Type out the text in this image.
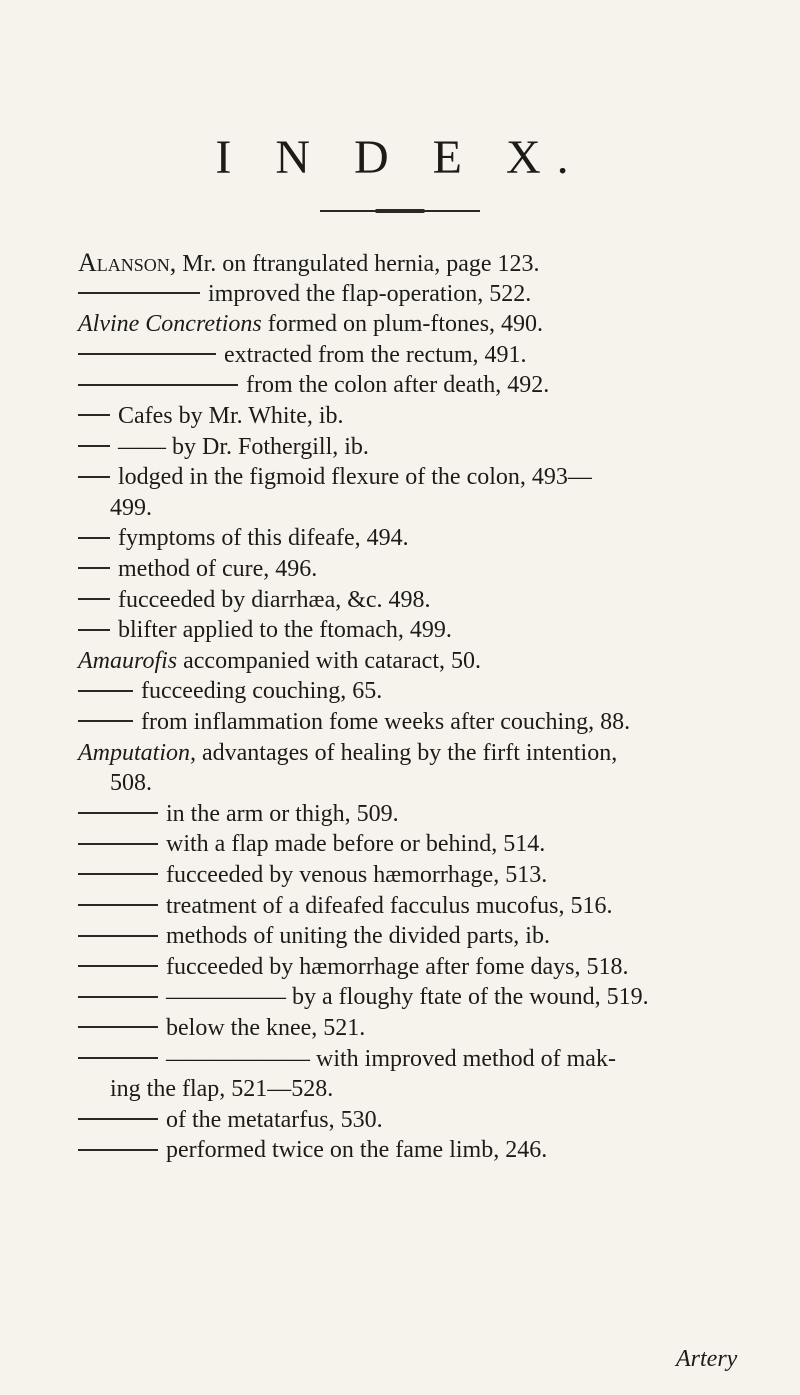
I N D E X.
Alanson, Mr. on ftrangulated hernia, page 123.
improved the flap-operation, 522.
Alvine Concretions formed on plum-ftones, 490.
extracted from the rectum, 491.
from the colon after death, 492.
Cafes by Mr. White, ib.
—— by Dr. Fothergill, ib.
lodged in the figmoid flexure of the colon, 493—
499.
fymptoms of this difeafe, 494.
method of cure, 496.
fucceeded by diarrhæa, &c. 498.
blifter applied to the ftomach, 499.
Amaurofis accompanied with cataract, 50.
fucceeding couching, 65.
from inflammation fome weeks after couching, 88.
Amputation, advantages of healing by the firft intention,
508.
in the arm or thigh, 509.
with a flap made before or behind, 514.
fucceeded by venous hæmorrhage, 513.
treatment of a difeafed facculus mucofus, 516.
methods of uniting the divided parts, ib.
fucceeded by hæmorrhage after fome days, 518.
————— by a floughy ftate of the wound, 519.
below the knee, 521.
—————— with improved method of mak-
ing the flap, 521—528.
of the metatarfus, 530.
performed twice on the fame limb, 246.
Artery
